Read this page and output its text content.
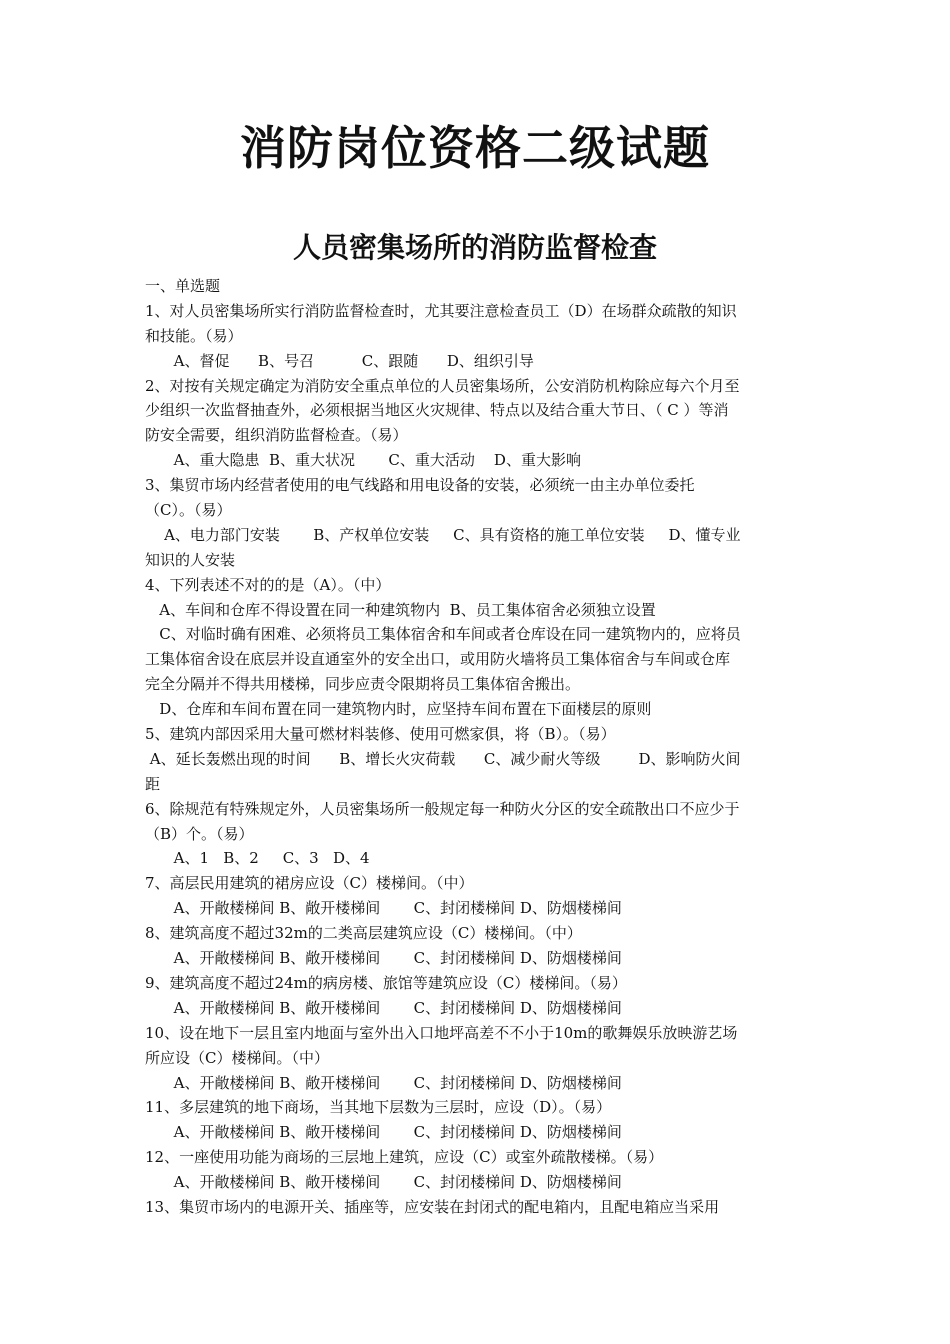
消防岗位资格二级试题
人员密集场所的消防监督检查
一、单选题
1、对人员密集场所实行消防监督检查时，尤其要注意检查员工（D）在场群众疏散的知识
和技能。（易）
A、督促      B、号召          C、跟随      D、组织引导
2、对按有关规定确定为消防安全重点单位的人员密集场所，公安消防机构除应每六个月至
少组织一次监督抽查外，必须根据当地区火灾规律、特点以及结合重大节日、（ C ）等消
防安全需要，组织消防监督检查。（易）
A、重大隐患  B、重大状况       C、重大活动    D、重大影响
3、集贸市场内经营者使用的电气线路和用电设备的安装，必须统一由主办单位委托
（C）。（易）
A、电力部门安装       B、产权单位安装     C、具有资格的施工单位安装     D、懂专业
知识的人安装
4、下列表述不对的的是（A）。（中）
A、车间和仓库不得设置在同一种建筑物内  B、员工集体宿舍必须独立设置
C、对临时确有困难、必须将员工集体宿舍和车间或者仓库设在同一建筑物内的，应将员
工集体宿舍设在底层并设直通室外的安全出口，或用防火墙将员工集体宿舍与车间或仓库
完全分隔并不得共用楼梯，同步应责令限期将员工集体宿舍搬出。
D、仓库和车间布置在同一建筑物内时，应坚持车间布置在下面楼层的原则
5、建筑内部因采用大量可燃材料装修、使用可燃家俱，将（B）。（易）
A、延长轰燃出现的时间      B、增长火灾荷载      C、减少耐火等级        D、影响防火间
距
6、除规范有特殊规定外，人员密集场所一般规定每一种防火分区的安全疏散出口不应少于
（B）个。（易）
A、1   B、2     C、3   D、4
7、高层民用建筑的裙房应设（C）楼梯间。（中）
A、开敞楼梯间 B、敞开楼梯间       C、封闭楼梯间 D、防烟楼梯间
8、建筑高度不超过32m的二类高层建筑应设（C）楼梯间。（中）
A、开敞楼梯间 B、敞开楼梯间       C、封闭楼梯间 D、防烟楼梯间
9、建筑高度不超过24m的病房楼、旅馆等建筑应设（C）楼梯间。（易）
A、开敞楼梯间 B、敞开楼梯间       C、封闭楼梯间 D、防烟楼梯间
10、设在地下一层且室内地面与室外出入口地坪高差不不小于10m的歌舞娱乐放映游艺场
所应设（C）楼梯间。（中）
A、开敞楼梯间 B、敞开楼梯间       C、封闭楼梯间 D、防烟楼梯间
11、多层建筑的地下商场，当其地下层数为三层时，应设（D）。（易）
A、开敞楼梯间 B、敞开楼梯间       C、封闭楼梯间 D、防烟楼梯间
12、一座使用功能为商场的三层地上建筑，应设（C）或室外疏散楼梯。（易）
A、开敞楼梯间 B、敞开楼梯间       C、封闭楼梯间 D、防烟楼梯间
13、集贸市场内的电源开关、插座等，应安装在封闭式的配电箱内，且配电箱应当采用
